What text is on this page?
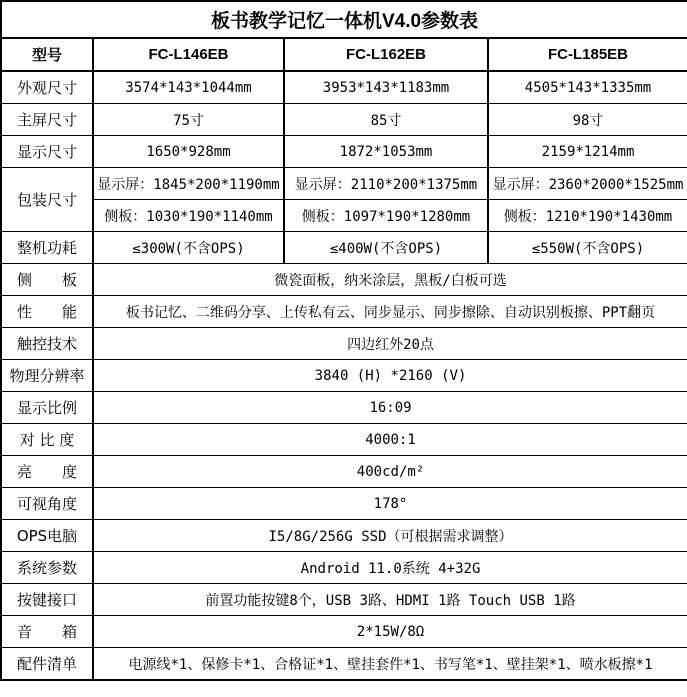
板书教学记忆一体机V4.0参数表			
型号	FC-L146EB	FC-L162EB	FC-L185EB
外观尺寸	3574*143*1044mm	3953*143*1183mm	4505*143*1335mm
主屏尺寸	75寸	85寸	98寸
显示尺寸	1650*928mm	1872*1053mm	2159*1214mm
包装尺寸	显示屏：1845*200*1190mm	显示屏：2110*200*1375mm	显示屏：2360*2000*1525mm
	侧板：1030*190*1140mm	侧板：1097*190*1280mm	侧板：1210*190*1430mm
整机功耗	≤300W(不含OPS)	≤400W(不含OPS)	≤550W(不含OPS)
侧　　板	微瓷面板，纳米涂层，黑板/白板可选		
性　　能	板书记忆、二维码分享、上传私有云、同步显示、同步擦除、自动识别板擦、PPT翻页		
触控技术	四边红外20点		
物理分辨率	3840 (H) *2160 (V)		
显示比例	16:09		
对 比 度	4000:1		
亮　　度	400cd/m²		
可视角度	178°		
OPS电脑	I5/8G/256G SSD（可根据需求调整）		
系统参数	Android 11.0系统 4+32G		
按键接口	前置功能按键8个，USB 3路、HDMI 1路 Touch USB 1路		
音　　箱	2*15W/8Ω		
配件清单	电源线*1、保修卡*1、合格证*1、壁挂套件*1、书写笔*1、壁挂架*1、喷水板擦*1		
